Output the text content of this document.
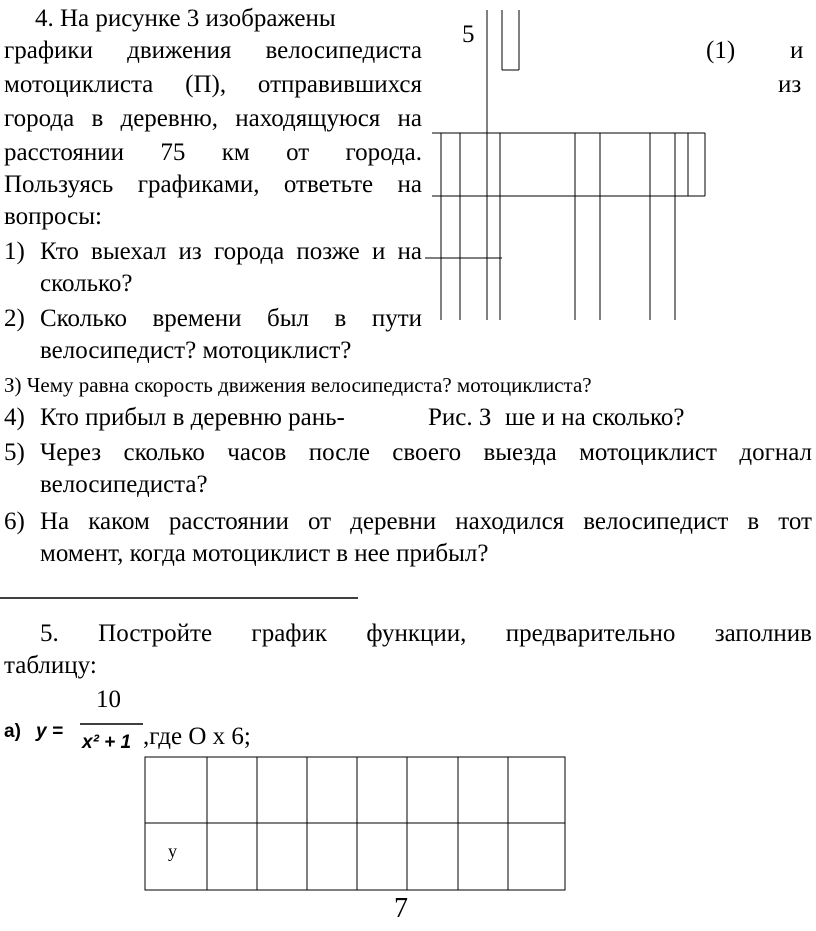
5
4. На рисунке 3 изображены
графики движения велосипедиста	(1) и
мотоциклиста (П), отправившихся	из
города в деревню, находящуюся на
расстоянии 75 км от города.
Пользуясь графиками, ответьте на
вопросы:
1) Кто выехал из города позже и на
сколько?
2) Сколько времени был в пути
велосипедист? мотоциклист?
З) Чему равна скорость движения велосипедиста? мотоциклиста?
4) Кто прибыл в деревню рань-	Рис. З ше и на сколько?
5) Через сколько часов после своего выезда мотоциклист догнал
велосипедиста?
6) На каком расстоянии от деревни находился велосипедист в тот
момент, когда мотоциклист в нее прибыл?
5. Постройте график функции, предварительно заполнив
таблицу:
а) y =
10
x² + 1 ,где О x 6;
у
7
